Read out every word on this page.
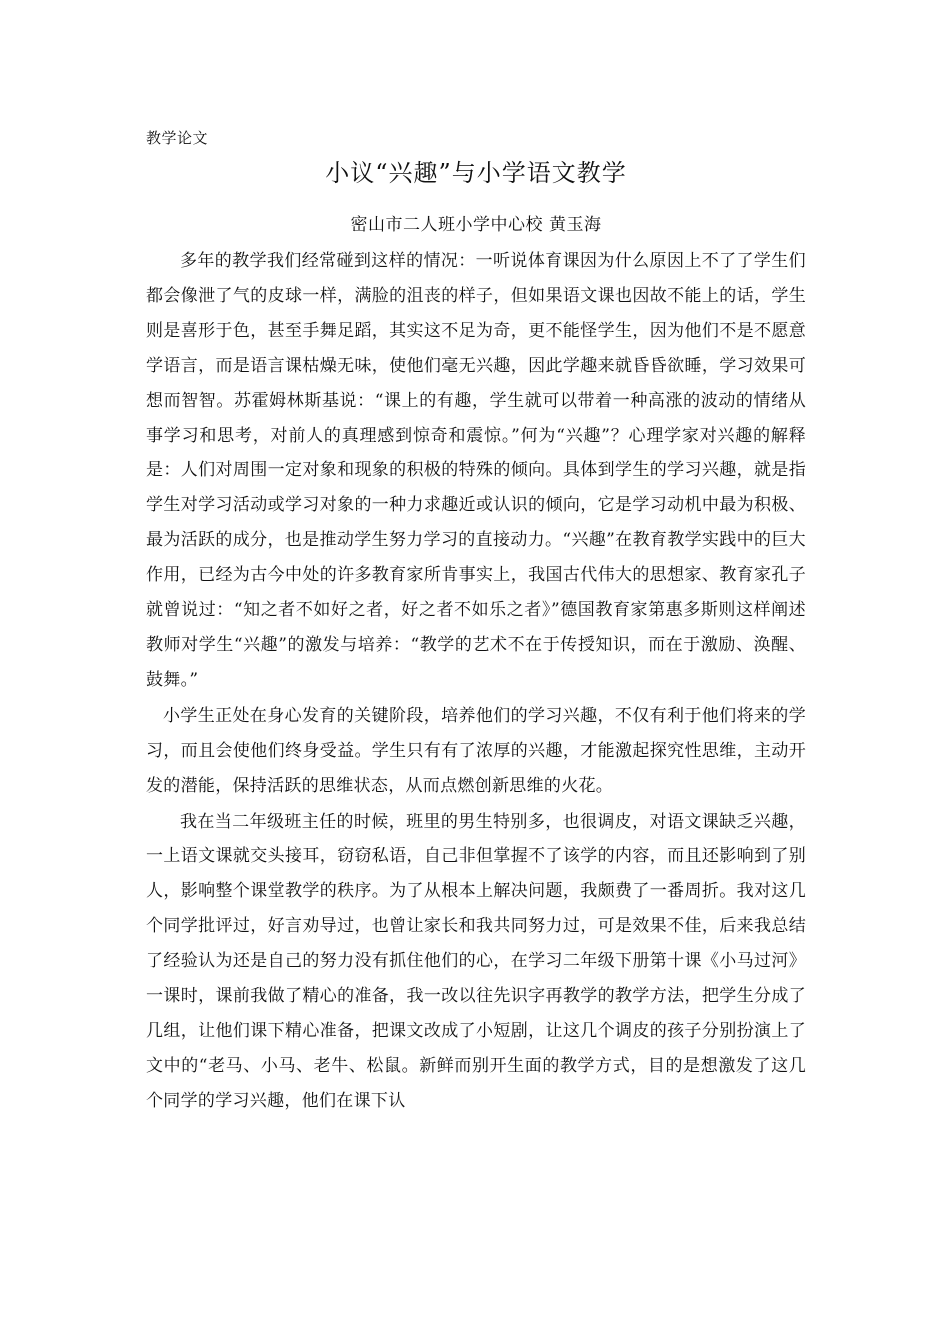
教学论文
小议“兴趣”与小学语文教学
密山市二人班小学中心校 黄玉海

多年的教学我们经常碰到这样的情况：一听说体育课因为什么原因上不了了学生们都会像泄了气的皮球一样，满脸的沮丧的样子，但如果语文课也因故不能上的话，学生则是喜形于色，甚至手舞足蹈，其实这不足为奇，更不能怪学生，因为他们不是不愿意学语言，而是语言课枯燥无味，使他们毫无兴趣，因此学趣来就昏昏欲睡，学习效果可想而智智。苏霍姆林斯基说：“课上的有趣，学生就可以带着一种高涨的波动的情绪从事学习和思考，对前人的真理感到惊奇和震惊。”何为“兴趣”？心理学家对兴趣的解释是：人们对周围一定对象和现象的积极的特殊的倾向。具体到学生的学习兴趣，就是指学生对学习活动或学习对象的一种力求趣近或认识的倾向，它是学习动机中最为积极、最为活跃的成分，也是推动学生努力学习的直接动力。“兴趣”在教育教学实践中的巨大作用，已经为古今中处的许多教育家所肯事实上，我国古代伟大的思想家、教育家孔子就曾说过：“知之者不如好之者，好之者不如乐之者》”德国教育家第惠多斯则这样阐述教师对学生“兴趣”的激发与培养：“教学的艺术不在于传授知识，而在于激励、涣醒、鼓舞。”

小学生正处在身心发育的关键阶段，培养他们的学习兴趣，不仅有利于他们将来的学习，而且会使他们终身受益。学生只有有了浓厚的兴趣，才能激起探究性思维，主动开发的潜能，保持活跃的思维状态，从而点燃创新思维的火花。

我在当二年级班主任的时候，班里的男生特别多，也很调皮，对语文课缺乏兴趣，一上语文课就交头接耳，窃窃私语，自己非但掌握不了该学的内容，而且还影响到了别人，影响整个课堂教学的秩序。为了从根本上解决问题，我颇费了一番周折。我对这几个同学批评过，好言劝导过，也曾让家长和我共同努力过，可是效果不佳，后来我总结了经验认为还是自己的努力没有抓住他们的心，在学习二年级下册第十课《小马过河》一课时，课前我做了精心的准备，我一改以往先识字再教学的教学方法，把学生分成了几组，让他们课下精心准备，把课文改成了小短剧，让这几个调皮的孩子分别扮演上了文中的“老马、小马、老牛、松鼠。新鲜而别开生面的教学方式，目的是想激发了这几个同学的学习兴趣，他们在课下认
